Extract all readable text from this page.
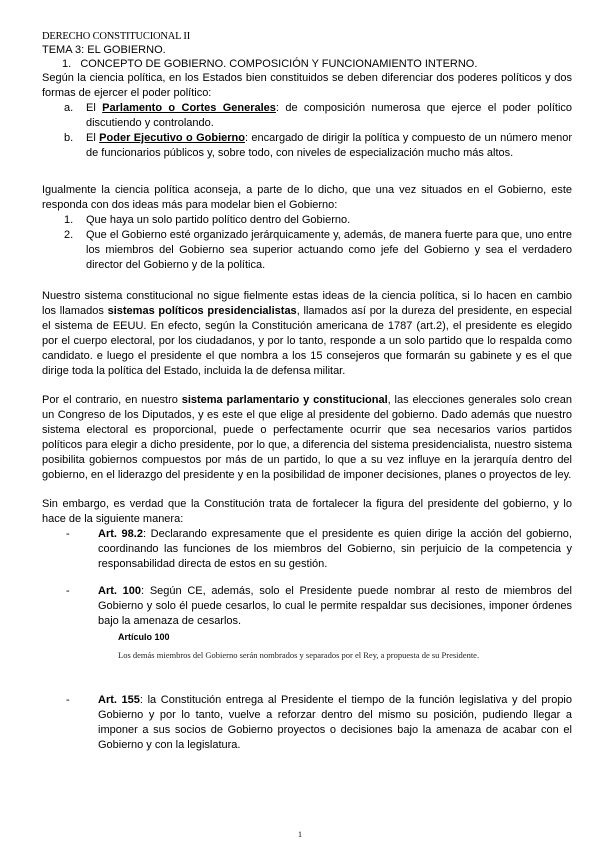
DERECHO CONSTITUCIONAL II
TEMA 3: EL GOBIERNO.
1. CONCEPTO DE GOBIERNO. COMPOSICIÓN Y FUNCIONAMIENTO INTERNO.

Según la ciencia política, en los Estados bien constituidos se deben diferenciar dos poderes políticos y dos formas de ejercer el poder político:

a.	El Parlamento o Cortes Generales: de composición numerosa que ejerce el poder político discutiendo y controlando.
b.	El Poder Ejecutivo o Gobierno: encargado de dirigir la política y compuesto de un número menor de funcionarios públicos y, sobre todo, con niveles de especialización mucho más altos.

Igualmente la ciencia política aconseja, a parte de lo dicho, que una vez situados en el Gobierno, este responda con dos ideas más para modelar bien el Gobierno:

1.	Que haya un solo partido político dentro del Gobierno.
2.	Que el Gobierno esté organizado jerárquicamente y, además, de manera fuerte para que, uno entre los miembros del Gobierno sea superior actuando como jefe del Gobierno y sea el verdadero director del Gobierno y de la política.

Nuestro sistema constitucional no sigue fielmente estas ideas de la ciencia política, si lo hacen en cambio los llamados sistemas políticos presidencialistas, llamados así por la dureza del presidente, en especial el sistema de EEUU. En efecto, según la Constitución americana de 1787 (art.2), el presidente es elegido por el cuerpo electoral, por los ciudadanos, y por lo tanto, responde a un solo partido que lo respalda como candidato. e luego el presidente el que nombra a los 15 consejeros que formarán su gabinete y es el que dirige toda la política del Estado, incluida la de defensa militar.

Por el contrario, en nuestro sistema parlamentario y constitucional, las elecciones generales solo crean un Congreso de los Diputados, y es este el que elige al presidente del gobierno. Dado además que nuestro sistema electoral es proporcional, puede o perfectamente ocurrir que sea necesarios varios partidos políticos para elegir a dicho presidente, por lo que, a diferencia del sistema presidencialista, nuestro sistema posibilita gobiernos compuestos por más de un partido, lo que a su vez influye en la jerarquía dentro del gobierno, en el liderazgo del presidente y en la posibilidad de imponer decisiones, planes o proyectos de ley.

Sin embargo, es verdad que la Constitución trata de fortalecer la figura del presidente del gobierno, y lo hace de la siguiente manera:

-	Art. 98.2: Declarando expresamente que el presidente es quien dirige la acción del gobierno, coordinando las funciones de los miembros del Gobierno, sin perjuicio de la competencia y responsabilidad directa de estos en su gestión.
-	Art. 100: Según CE, además, solo el Presidente puede nombrar al resto de miembros del Gobierno y solo él puede cesarlos, lo cual le permite respaldar sus decisiones, imponer órdenes bajo la amenaza de cesarlos.
Artículo 100
Los demás miembros del Gobierno serán nombrados y separados por el Rey, a propuesta de su Presidente.
-	Art. 155: la Constitución entrega al Presidente el tiempo de la función legislativa y del propio Gobierno y por lo tanto, vuelve a reforzar dentro del mismo su posición, pudiendo llegar a imponer a sus socios de Gobierno proyectos o decisiones bajo la amenaza de acabar con el Gobierno y con la legislatura.
1
